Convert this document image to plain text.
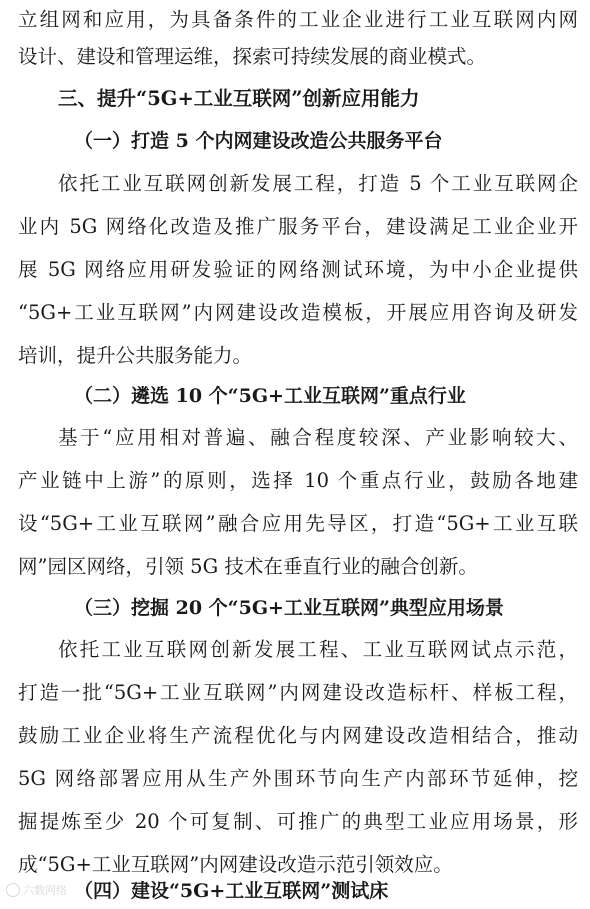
立组网和应用，为具备条件的工业企业进行工业互联网内网
设计、建设和管理运维，探索可持续发展的商业模式。
三、提升“5G+工业互联网”创新应用能力
（一）打造 5 个内网建设改造公共服务平台
依托工业互联网创新发展工程，打造 5 个工业互联网企
业内 5G 网络化改造及推广服务平台，建设满足工业企业开
展 5G 网络应用研发验证的网络测试环境，为中小企业提供
“5G+工业互联网”内网建设改造模板，开展应用咨询及研发
培训，提升公共服务能力。
（二）遴选 10 个“5G+工业互联网”重点行业
基于“应用相对普遍、融合程度较深、产业影响较大、
产业链中上游”的原则，选择 10 个重点行业，鼓励各地建
设“5G+工业互联网”融合应用先导区，打造“5G+工业互联
网”园区网络，引领 5G 技术在垂直行业的融合创新。
（三）挖掘 20 个“5G+工业互联网”典型应用场景
依托工业互联网创新发展工程、工业互联网试点示范，
打造一批“5G+工业互联网”内网建设改造标杆、样板工程，
鼓励工业企业将生产流程优化与内网建设改造相结合，推动
5G 网络部署应用从生产外围环节向生产内部环节延伸，挖
掘提炼至少 20 个可复制、可推广的典型工业应用场景，形
成“5G+工业互联网”内网建设改造示范引领效应。
（四）建设“5G+工业互联网”测试床
六数网络
